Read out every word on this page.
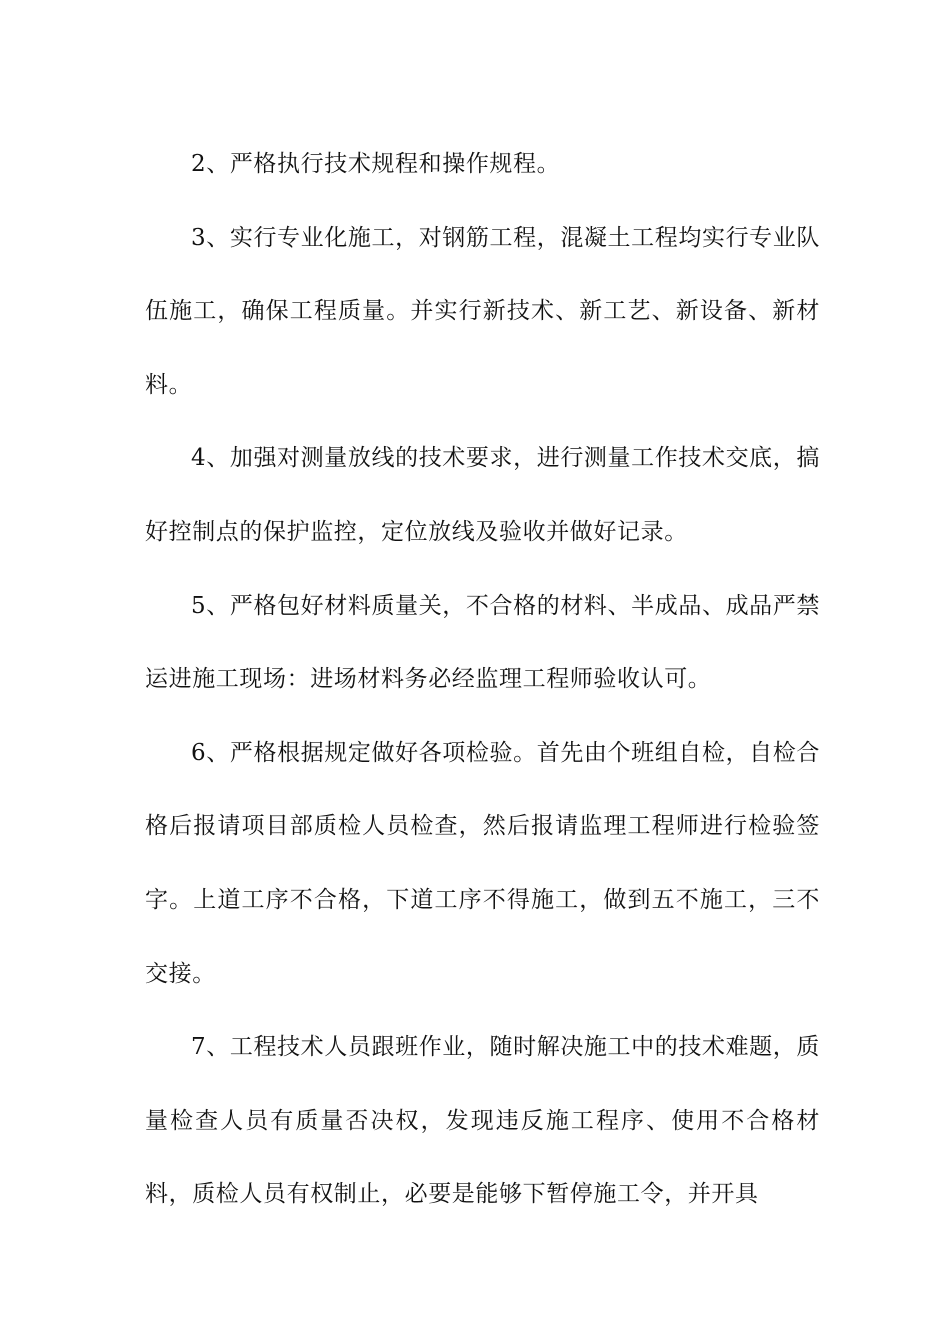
2、严格执行技术规程和操作规程。

3、实行专业化施工，对钢筋工程，混凝土工程均实行专业队伍施工，确保工程质量。并实行新技术、新工艺、新设备、新材料。

4、加强对测量放线的技术要求，进行测量工作技术交底，搞好控制点的保护监控，定位放线及验收并做好记录。

5、严格包好材料质量关，不合格的材料、半成品、成品严禁运进施工现场：进场材料务必经监理工程师验收认可。

6、严格根据规定做好各项检验。首先由个班组自检，自检合格后报请项目部质检人员检查，然后报请监理工程师进行检验签字。上道工序不合格，下道工序不得施工，做到五不施工，三不交接。

7、工程技术人员跟班作业，随时解决施工中的技术难题，质量检查人员有质量否决权，发现违反施工程序、使用不合格材料，质检人员有权制止，必要是能够下暂停施工令，并开具
